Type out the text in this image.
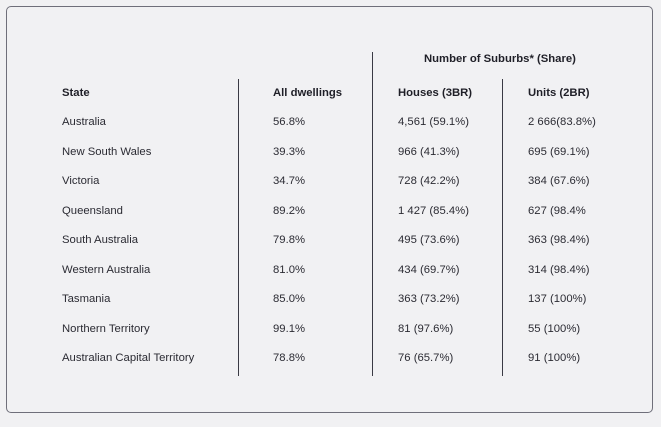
Number of Suburbs* (Share)
State	All dwellings	Houses (3BR)	Units (2BR)
Australia	56.8%	4,561 (59.1%)	2 666(83.8%)
New South Wales	39.3%	966 (41.3%)	695 (69.1%)
Victoria	34.7%	728 (42.2%)	384 (67.6%)
Queensland	89.2%	1 427 (85.4%)	627 (98.4%
South Australia	79.8%	495 (73.6%)	363 (98.4%)
Western Australia	81.0%	434 (69.7%)	314 (98.4%)
Tasmania	85.0%	363 (73.2%)	137 (100%)
Northern Territory	99.1%	81 (97.6%)	55 (100%)
Australian Capital Territory	78.8%	76 (65.7%)	91 (100%)
